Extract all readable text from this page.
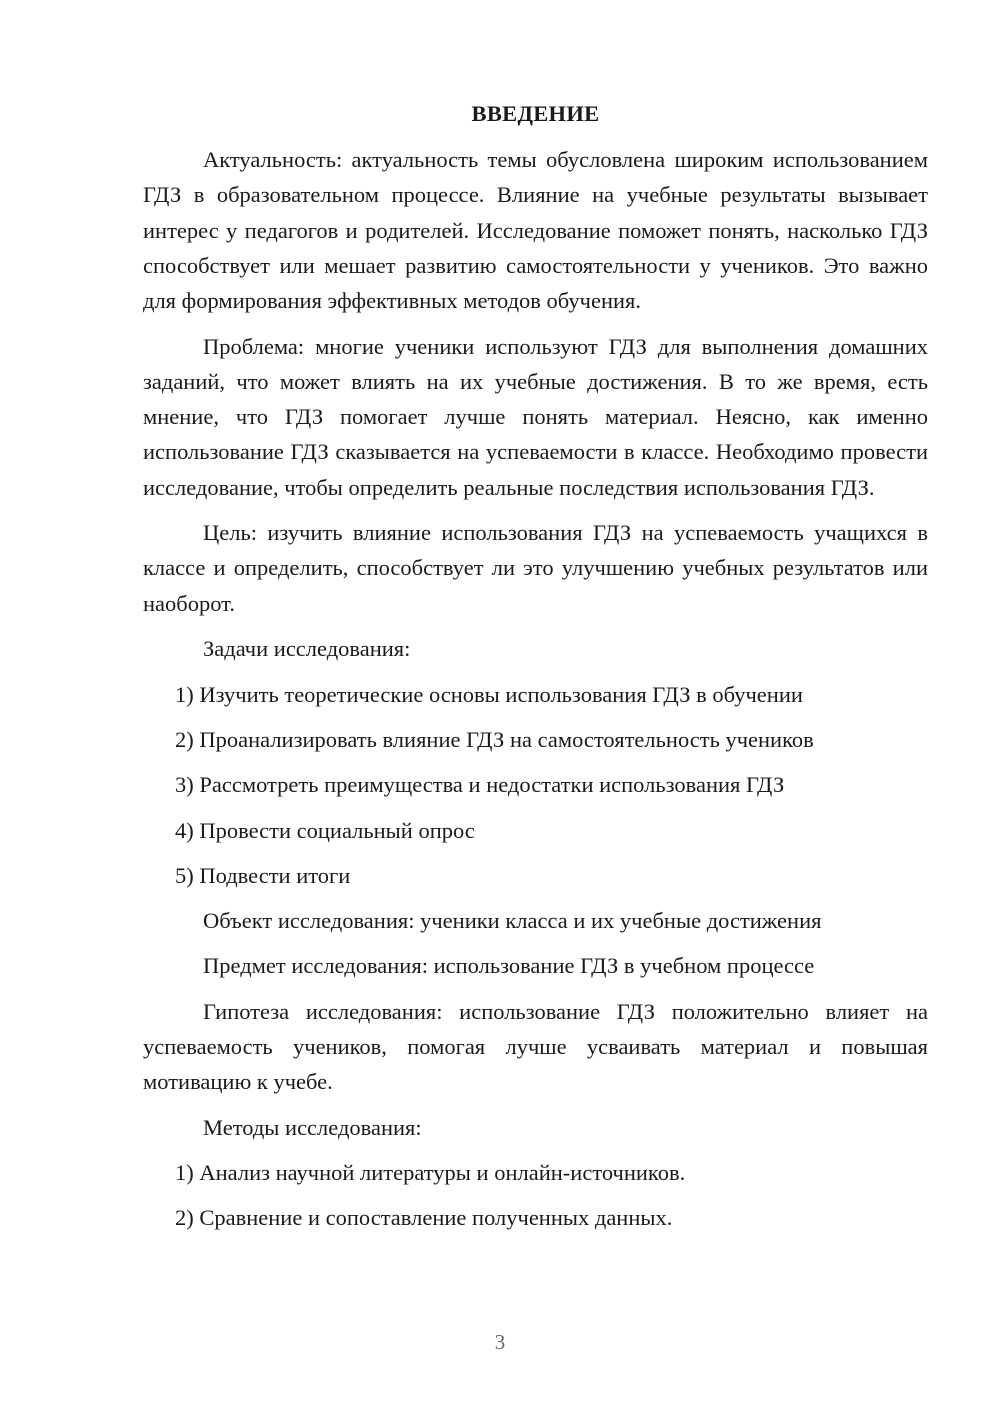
ВВЕДЕНИЕ

Актуальность: актуальность темы обусловлена широким использованием ГДЗ в образовательном процессе. Влияние на учебные результаты вызывает интерес у педагогов и родителей. Исследование поможет понять, насколько ГДЗ способствует или мешает развитию самостоятельности у учеников. Это важно для формирования эффективных методов обучения.

Проблема: многие ученики используют ГДЗ для выполнения домашних заданий, что может влиять на их учебные достижения. В то же время, есть мнение, что ГДЗ помогает лучше понять материал. Неясно, как именно использование ГДЗ сказывается на успеваемости в классе. Необходимо провести исследование, чтобы определить реальные последствия использования ГДЗ.

Цель: изучить влияние использования ГДЗ на успеваемость учащихся в классе и определить, способствует ли это улучшению учебных результатов или наоборот.

Задачи исследования:
1) Изучить теоретические основы использования ГДЗ в обучении
2) Проанализировать влияние ГДЗ на самостоятельность учеников
3) Рассмотреть преимущества и недостатки использования ГДЗ
4) Провести социальный опрос
5) Подвести итоги
Объект исследования: ученики класса и их учебные достижения
Предмет исследования: использование ГДЗ в учебном процессе

Гипотеза исследования: использование ГДЗ положительно влияет на успеваемость учеников, помогая лучше усваивать материал и повышая мотивацию к учебе.

Методы исследования:
1) Анализ научной литературы и онлайн-источников.
2) Сравнение и сопоставление полученных данных.
3
